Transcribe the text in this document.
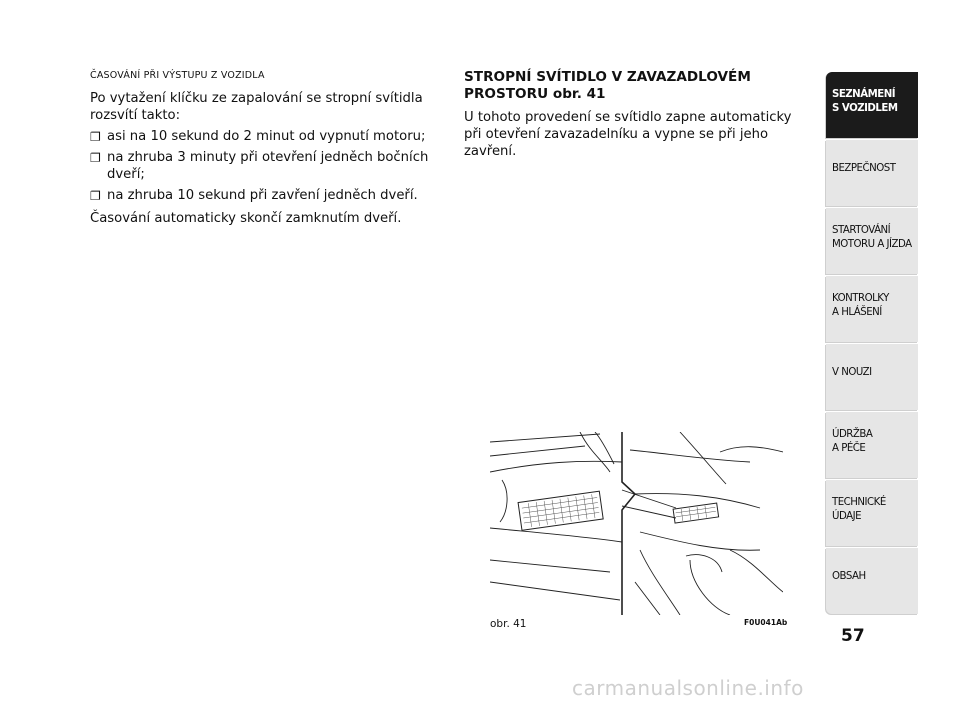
ČASOVÁNÍ PŘI VÝSTUPU Z VOZIDLA

Po vytažení klíčku ze zapalování se stropní svítidla rozsvítí takto:

❐ asi na 10 sekund do 2 minut od vypnutí motoru;
❐ na zhruba 3 minuty při otevření jedněch bočních dveří;
❐ na zhruba 10 sekund při zavření jedněch dveří.

Časování automaticky skončí zamknutím dveří.

STROPNÍ SVÍTIDLO V ZAVAZADLOVÉM PROSTORU obr. 41

U tohoto provedení se svítidlo zapne automaticky při otevření zavazadelníku a vypne se při jeho zavření.

obr. 41	F0U041Ab
SEZNÁMENÍ
S VOZIDLEM
BEZPEČNOST
STARTOVÁNÍ
MOTORU A JÍZDA
KONTROLKY
A HLÁŠENÍ
V NOUZI
ÚDRŽBA
A PÉČE
TECHNICKÉ
ÚDAJE
OBSAH
57
carmanualsonline.info
